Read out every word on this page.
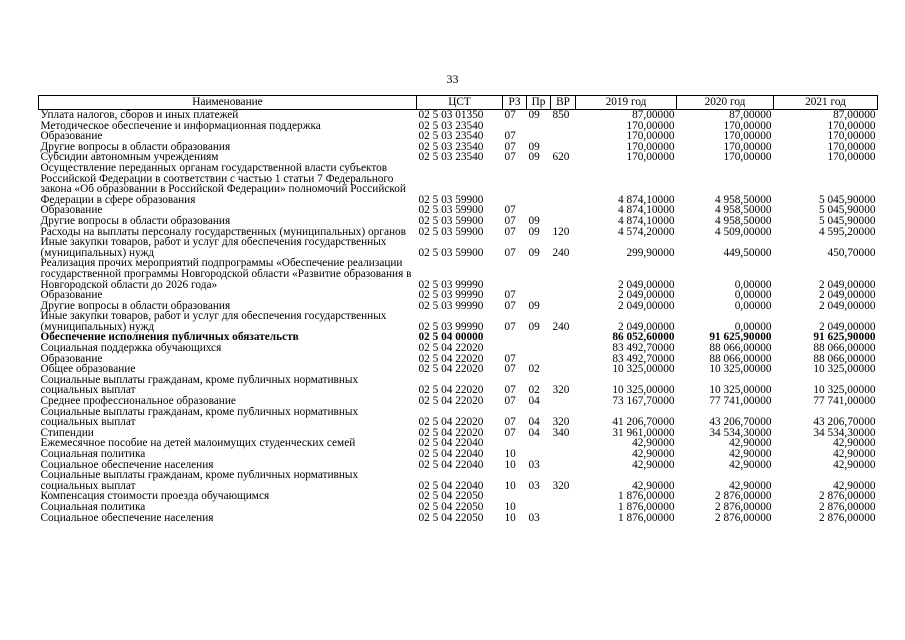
33
Наименование	ЦСТ	РЗ	Пр	ВР	2019 год	2020 год	2021 год
Уплата налогов, сборов и иных платежей	02 5 03 01350	07	09	850	87,00000	87,00000	87,00000
Методическое обеспечение и информационная поддержка	02 5 03 23540				170,00000	170,00000	170,00000
Образование	02 5 03 23540	07			170,00000	170,00000	170,00000
Другие вопросы в области образования	02 5 03 23540	07	09		170,00000	170,00000	170,00000
Субсидии автономным учреждениям	02 5 03 23540	07	09	620	170,00000	170,00000	170,00000
Осуществление переданных органам государственной власти субъектов Российской Федерации в соответствии с частью 1 статьи 7 Федерального закона «Об образовании в Российской Федерации» полномочий Российской Федерации в сфере образования	02 5 03 59900				4 874,10000	4 958,50000	5 045,90000
Образование	02 5 03 59900	07			4 874,10000	4 958,50000	5 045,90000
Другие вопросы в области образования	02 5 03 59900	07	09		4 874,10000	4 958,50000	5 045,90000
Расходы на выплаты персоналу государственных (муниципальных) органов	02 5 03 59900	07	09	120	4 574,20000	4 509,00000	4 595,20000
Иные закупки товаров, работ и услуг для обеспечения государственных (муниципальных) нужд	02 5 03 59900	07	09	240	299,90000	449,50000	450,70000
Реализация прочих мероприятий подпрограммы «Обеспечение реализации государственной программы Новгородской области «Развитие образования в Новгородской области до 2026 года»	02 5 03 99990				2 049,00000	0,00000	2 049,00000
Образование	02 5 03 99990	07			2 049,00000	0,00000	2 049,00000
Другие вопросы в области образования	02 5 03 99990	07	09		2 049,00000	0,00000	2 049,00000
Иные закупки товаров, работ и услуг для обеспечения государственных (муниципальных) нужд	02 5 03 99990	07	09	240	2 049,00000	0,00000	2 049,00000
Обеспечение исполнения публичных обязательств	02 5 04 00000				86 052,60000	91 625,90000	91 625,90000
Социальная поддержка обучающихся	02 5 04 22020				83 492,70000	88 066,00000	88 066,00000
Образование	02 5 04 22020	07			83 492,70000	88 066,00000	88 066,00000
Общее образование	02 5 04 22020	07	02		10 325,00000	10 325,00000	10 325,00000
Социальные выплаты гражданам, кроме публичных нормативных социальных выплат	02 5 04 22020	07	02	320	10 325,00000	10 325,00000	10 325,00000
Среднее профессиональное образование	02 5 04 22020	07	04		73 167,70000	77 741,00000	77 741,00000
Социальные выплаты гражданам, кроме публичных нормативных социальных выплат	02 5 04 22020	07	04	320	41 206,70000	43 206,70000	43 206,70000
Стипендии	02 5 04 22020	07	04	340	31 961,00000	34 534,30000	34 534,30000
Ежемесячное пособие на детей малоимущих студенческих семей	02 5 04 22040				42,90000	42,90000	42,90000
Социальная политика	02 5 04 22040	10			42,90000	42,90000	42,90000
Социальное обеспечение населения	02 5 04 22040	10	03		42,90000	42,90000	42,90000
Социальные выплаты гражданам, кроме публичных нормативных социальных выплат	02 5 04 22040	10	03	320	42,90000	42,90000	42,90000
Компенсация стоимости проезда обучающимся	02 5 04 22050				1 876,00000	2 876,00000	2 876,00000
Социальная политика	02 5 04 22050	10			1 876,00000	2 876,00000	2 876,00000
Социальное обеспечение населения	02 5 04 22050	10	03		1 876,00000	2 876,00000	2 876,00000
